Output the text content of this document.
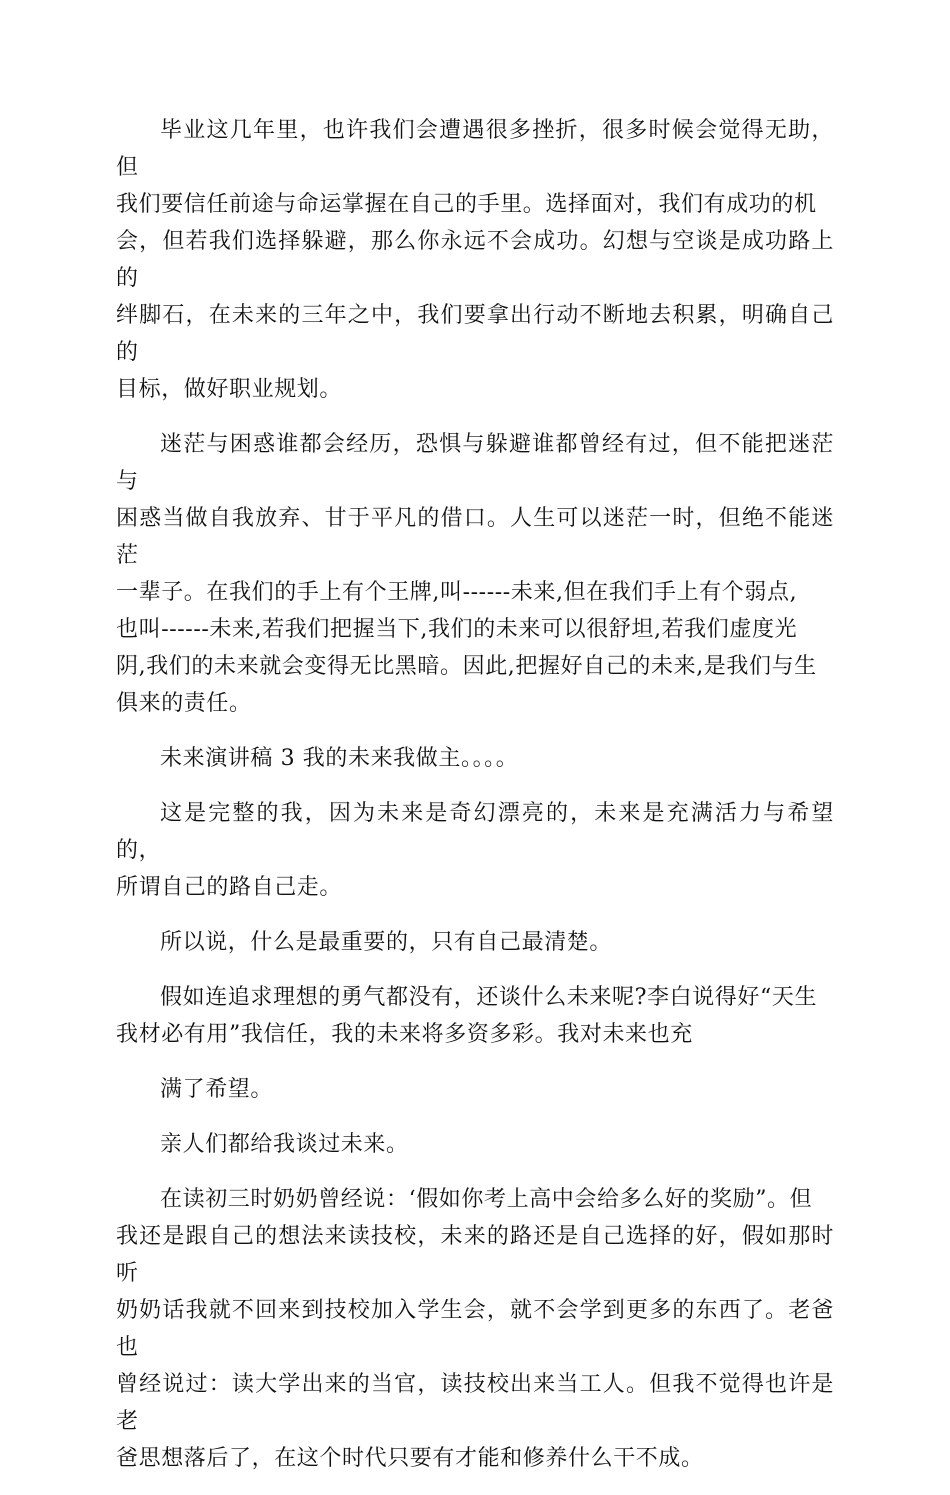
毕业这几年里，也许我们会遭遇很多挫折，很多时候会觉得无助，但
我们要信任前途与命运掌握在自己的手里。选择面对，我们有成功的机
会，但若我们选择躲避，那么你永远不会成功。幻想与空谈是成功路上的
绊脚石，在未来的三年之中，我们要拿出行动不断地去积累，明确自己的
目标，做好职业规划。

迷茫与困惑谁都会经历，恐惧与躲避谁都曾经有过，但不能把迷茫与
困惑当做自我放弃、甘于平凡的借口。人生可以迷茫一时，但绝不能迷茫
一辈子。在我们的手上有个王牌,叫------未来,但在我们手上有个弱点,
也叫------未来,若我们把握当下,我们的未来可以很舒坦,若我们虚度光
阴,我们的未来就会变得无比黑暗。因此,把握好自己的未来,是我们与生
俱来的责任。

未来演讲稿 3 我的未来我做主。。。。

这是完整的我，因为未来是奇幻漂亮的，未来是充满活力与希望的，
所谓自己的路自己走。

所以说，什么是最重要的，只有自己最清楚。

假如连追求理想的勇气都没有，还谈什么未来呢?李白说得好“天生
我材必有用”我信任，我的未来将多资多彩。我对未来也充

满了希望。

亲人们都给我谈过未来。

在读初三时奶奶曾经说：‘假如你考上高中会给多么好的奖励”。但
我还是跟自己的想法来读技校，未来的路还是自己选择的好，假如那时听
奶奶话我就不回来到技校加入学生会，就不会学到更多的东西了。老爸也
曾经说过：读大学出来的当官，读技校出来当工人。但我不觉得也许是老
爸思想落后了，在这个时代只要有才能和修养什么干不成。
